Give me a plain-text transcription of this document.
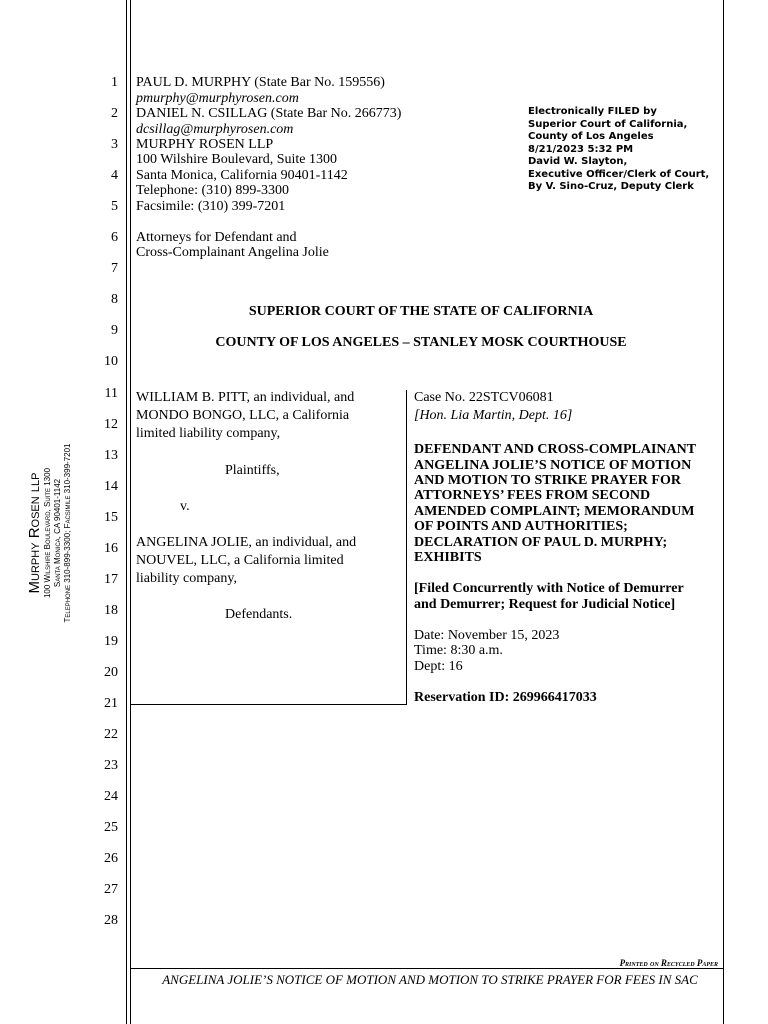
Murphy Rosen llp 100 Wilshire Boulevard, Suite 1300 Santa Monica, CA 90401-1142 Telephone 310-899-3300; Facsimile 310-399-7201
1
2
3
4
5
6
7
8
9
10
11
12
13
14
15
16
17
18
19
20
21
22
23
24
25
26
27
28
PAUL D. MURPHY (State Bar No. 159556)
pmurphy@murphyrosen.com
DANIEL N. CSILLAG (State Bar No. 266773)
dcsillag@murphyrosen.com
MURPHY ROSEN LLP
100 Wilshire Boulevard, Suite 1300
Santa Monica, California 90401-1142
Telephone: (310) 899-3300
Facsimile: (310) 399-7201
Attorneys for Defendant and
Cross-Complainant Angelina Jolie
Electronically FILED by
Superior Court of California,
County of Los Angeles
8/21/2023 5:32 PM
David W. Slayton,
Executive Officer/Clerk of Court,
By V. Sino-Cruz, Deputy Clerk
SUPERIOR COURT OF THE STATE OF CALIFORNIA
COUNTY OF LOS ANGELES – STANLEY MOSK COURTHOUSE
WILLIAM B. PITT, an individual, and
MONDO BONGO, LLC, a California
limited liability company,
Plaintiffs,
v.
ANGELINA JOLIE, an individual, and
NOUVEL, LLC, a California limited
liability company,
Defendants.
Case No. 22STCV06081
[Hon. Lia Martin, Dept. 16]
DEFENDANT AND CROSS-COMPLAINANT
ANGELINA JOLIE’S NOTICE OF MOTION
AND MOTION TO STRIKE PRAYER FOR
ATTORNEYS’ FEES FROM SECOND
AMENDED COMPLAINT; MEMORANDUM
OF POINTS AND AUTHORITIES;
DECLARATION OF PAUL D. MURPHY;
EXHIBITS
[Filed Concurrently with Notice of Demurrer
and Demurrer; Request for Judicial Notice]
Date: November 15, 2023
Time: 8:30 a.m.
Dept: 16
Reservation ID: 269966417033
Printed on Recycled Paper
ANGELINA JOLIE’S NOTICE OF MOTION AND MOTION TO STRIKE PRAYER FOR FEES IN SAC
